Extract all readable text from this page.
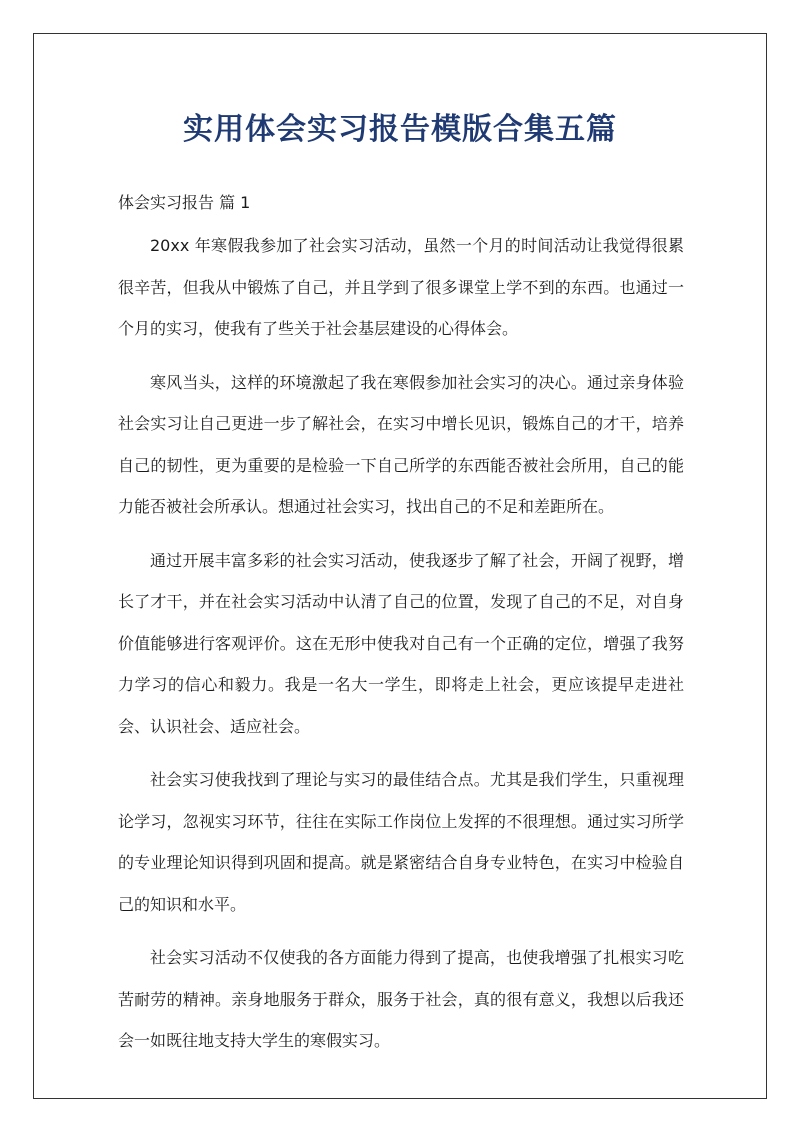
实用体会实习报告模版合集五篇
体会实习报告 篇 1

20xx 年寒假我参加了社会实习活动，虽然一个月的时间活动让我觉得很累很辛苦，但我从中锻炼了自己，并且学到了很多课堂上学不到的东西。也通过一个月的实习，使我有了些关于社会基层建设的心得体会。

寒风当头，这样的环境激起了我在寒假参加社会实习的决心。通过亲身体验社会实习让自己更进一步了解社会，在实习中增长见识，锻炼自己的才干，培养自己的韧性，更为重要的是检验一下自己所学的东西能否被社会所用，自己的能力能否被社会所承认。想通过社会实习，找出自己的不足和差距所在。

通过开展丰富多彩的社会实习活动，使我逐步了解了社会，开阔了视野，增长了才干，并在社会实习活动中认清了自己的位置，发现了自己的不足，对自身价值能够进行客观评价。这在无形中使我对自己有一个正确的定位，增强了我努力学习的信心和毅力。我是一名大一学生，即将走上社会，更应该提早走进社会、认识社会、适应社会。

社会实习使我找到了理论与实习的最佳结合点。尤其是我们学生，只重视理论学习，忽视实习环节，往往在实际工作岗位上发挥的不很理想。通过实习所学的专业理论知识得到巩固和提高。就是紧密结合自身专业特色，在实习中检验自己的知识和水平。

社会实习活动不仅使我的各方面能力得到了提高，也使我增强了扎根实习吃苦耐劳的精神。亲身地服务于群众，服务于社会，真的很有意义，我想以后我还会一如既往地支持大学生的寒假实习。
